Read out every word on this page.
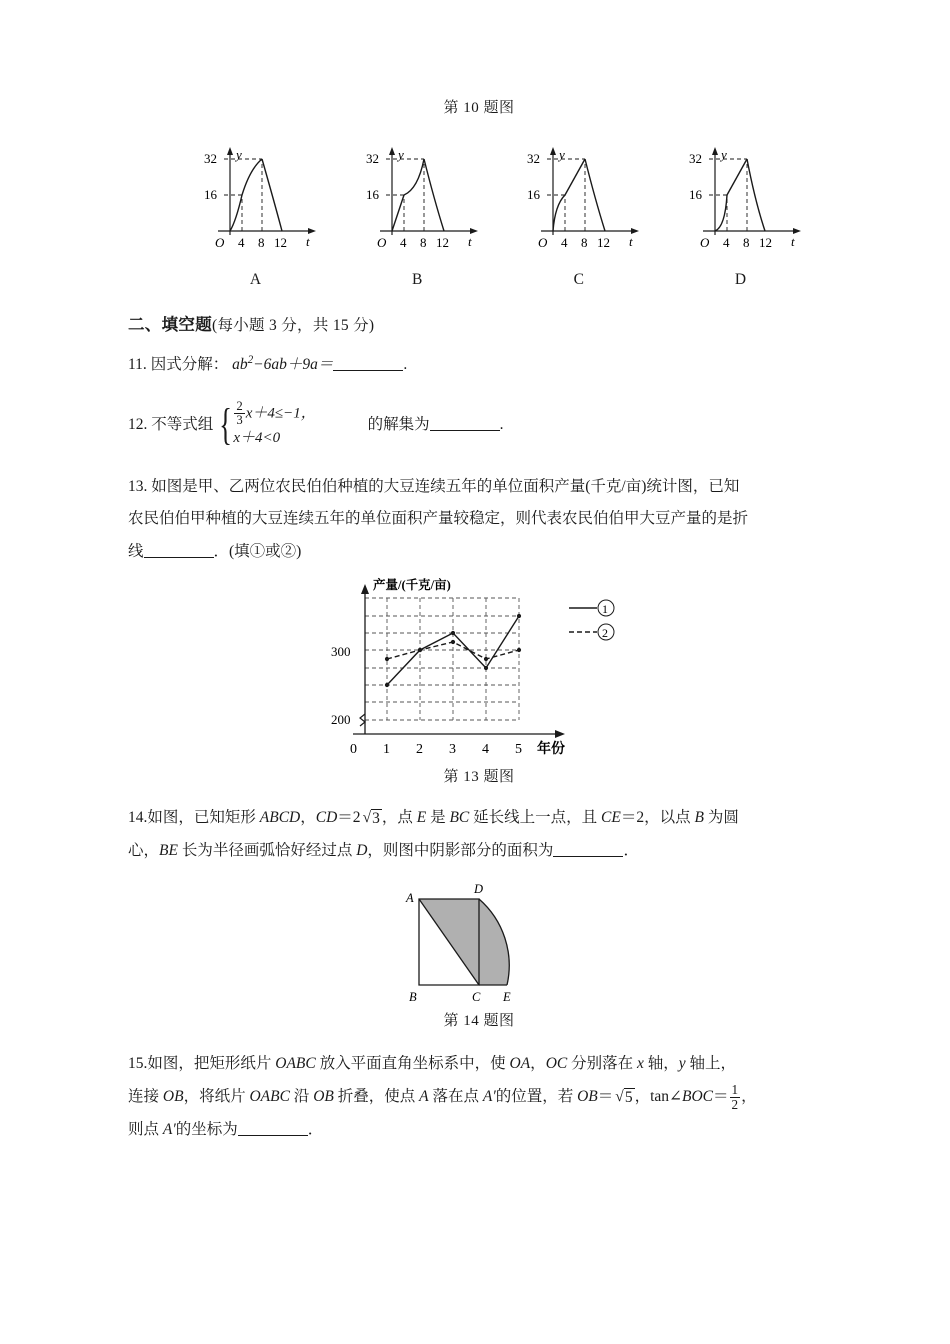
第 10 题图

y
t
O 4 8 12
32
16
A
y
t
O 4 8 12
32
16
B
y
t
O 4 8 12
32
16
C
y
t
O 4 8 12
32
16
D

二、填空题(每小题 3 分，共 15 分)

11. 因式分解： $ab^2-6ab+9a=$	.

12. 不等式组 { $\frac{2}{3} x+4\le-1$，
x＋4<0
的解集为	.

13. 如图是甲、乙两位农民伯伯种植的大豆连续五年的单位面积产量(千克/亩)统计图，已知

农民伯伯甲种植的大豆连续五年的单位面积产量较稳定，则代表农民伯伯甲大豆产量的是折

线	．(填①或②)

300
200
产量/(千克/亩)
0 1 2 3 4 5 年份
1
2

第 13 题图

14.如图，已知矩形 ABCD，CD＝2 √3 ，点 E 是 BC 延长线上一点，且 CE＝2，以点 B 为圆

心，BE 长为半径画弧恰好经过点 D，则图中阴影部分的面积为	．

A
D
B	C E

第 14 题图

15.如图，把矩形纸片 OABC 放入平面直角坐标系中，使 OA，OC 分别落在 x 轴，y 轴上，

连接 OB，将纸片 OABC 沿 OB 折叠，使点 A 落在点 A′的位置，若 OB＝ √5 ，tan∠BOC＝ $\frac{1}{2}$ ，

则点 A′的坐标为	．
